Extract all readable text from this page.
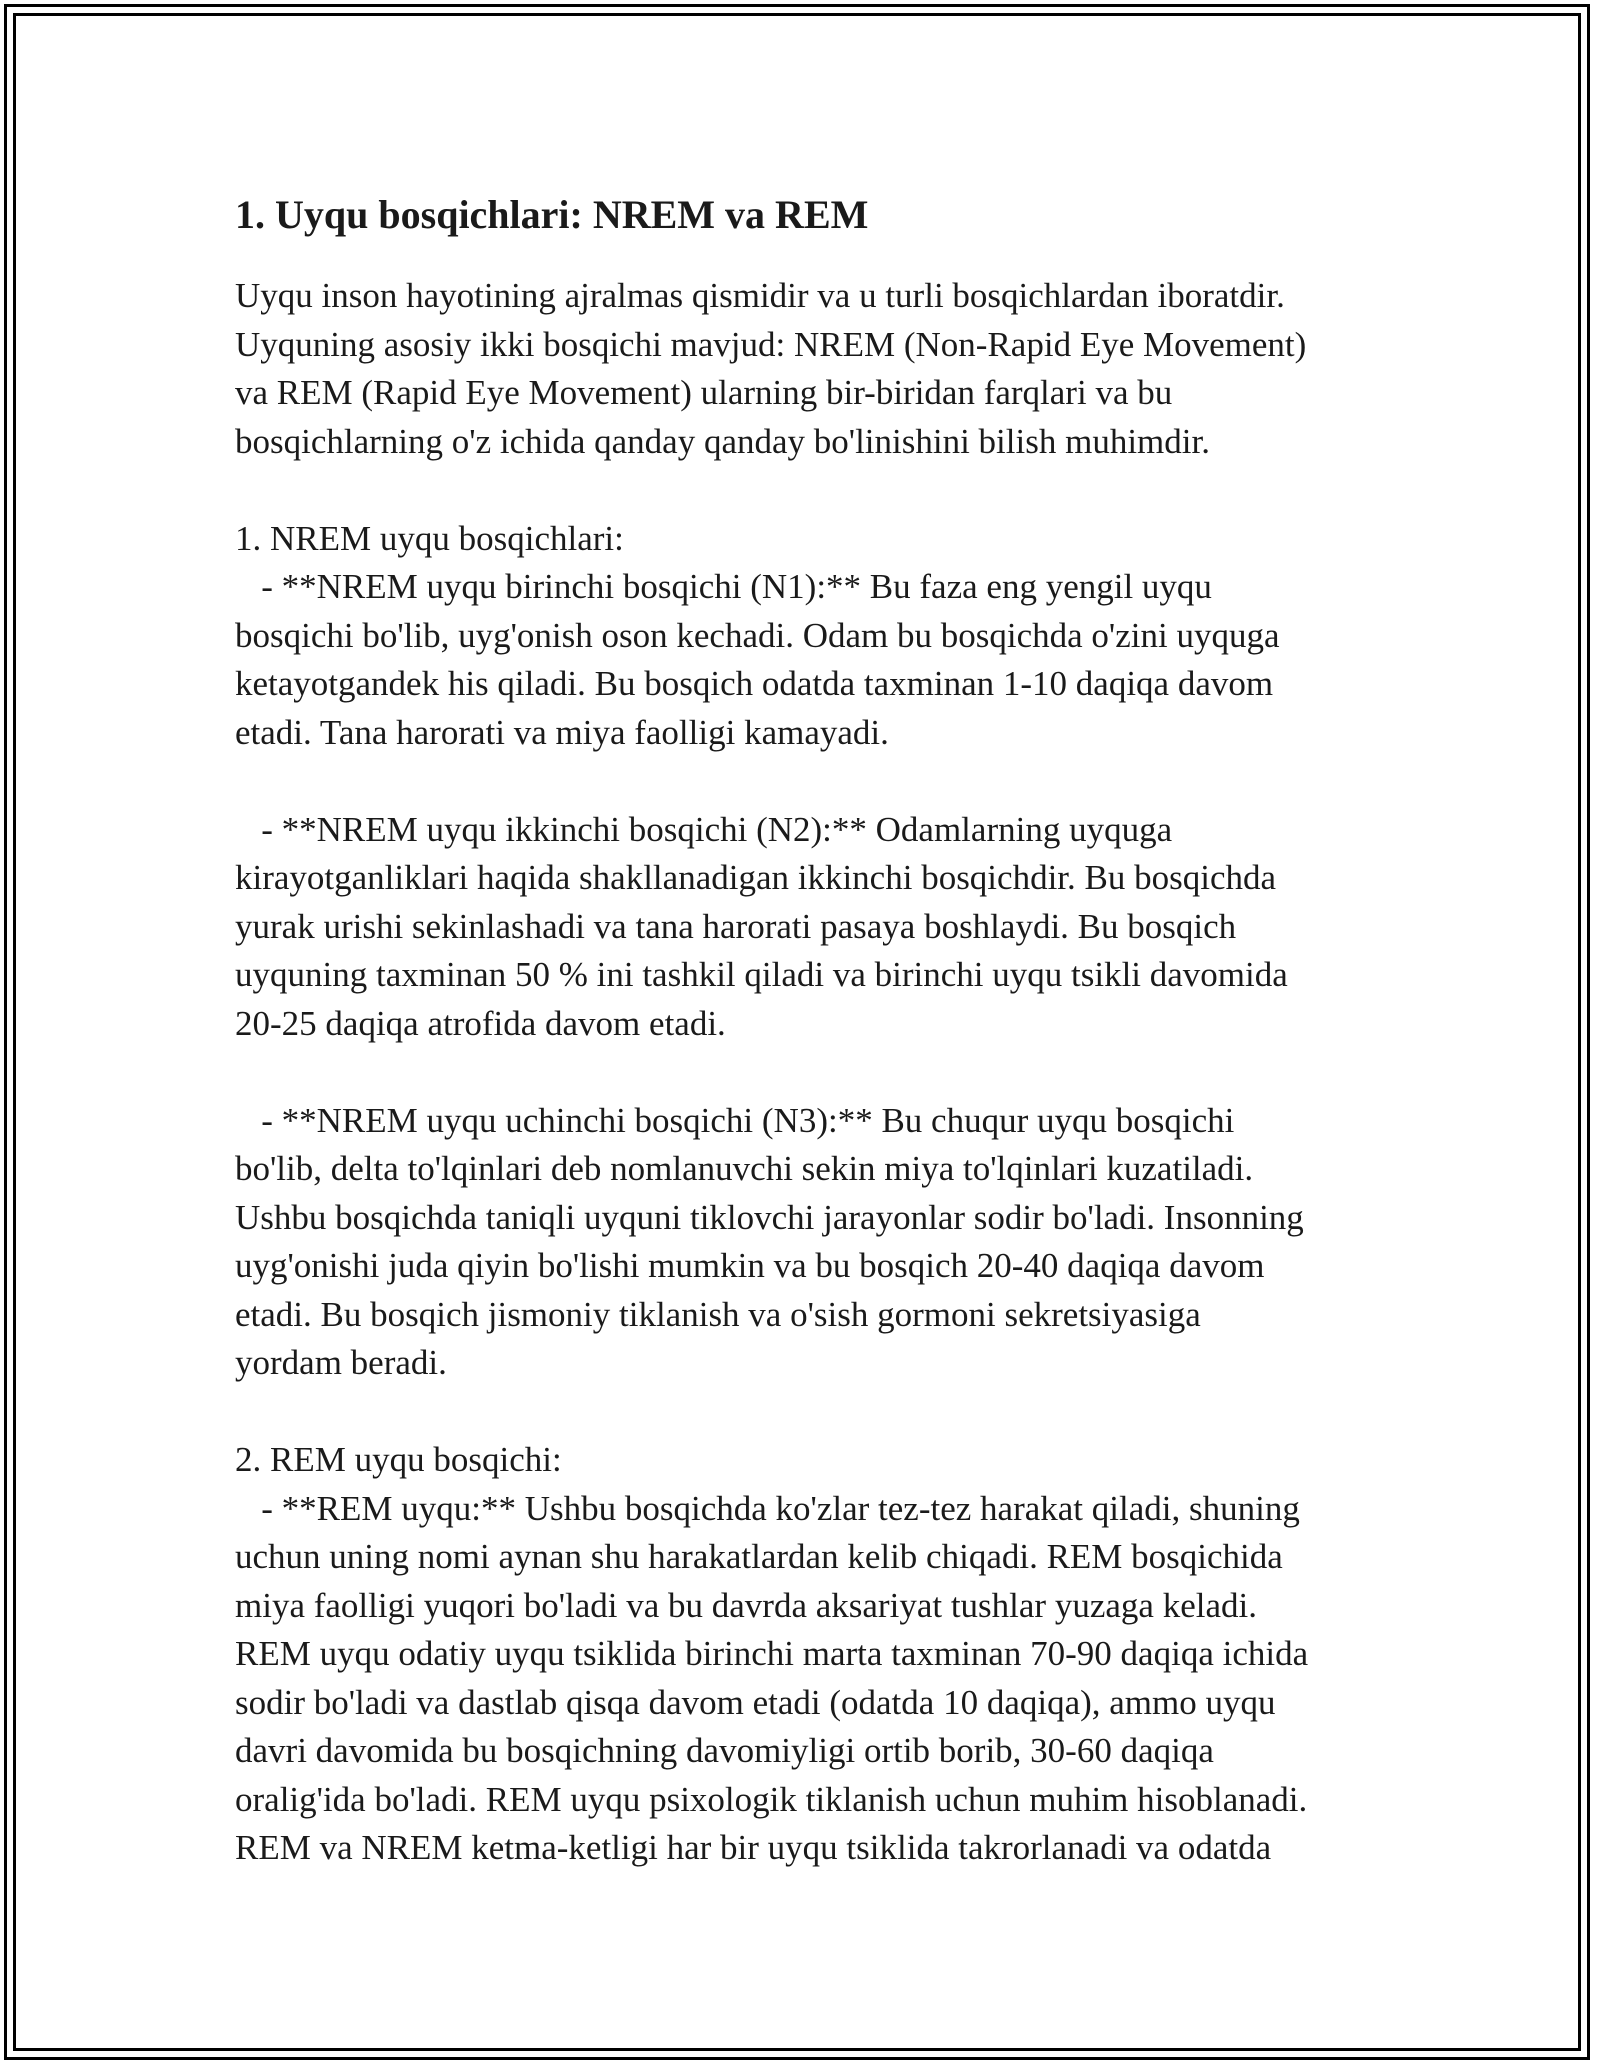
1. Uyqu bosqichlari: NREM va REM
Uyqu inson hayotining ajralmas qismidir va u turli bosqichlardan iboratdir.
Uyquning asosiy ikki bosqichi mavjud: NREM (Non-Rapid Eye Movement)
va REM (Rapid Eye Movement) ularning bir-biridan farqlari va bu
bosqichlarning o'z ichida qanday qanday bo'linishini bilish muhimdir.
1. NREM uyqu bosqichlari:
- **NREM uyqu birinchi bosqichi (N1):** Bu faza eng yengil uyqu
bosqichi bo'lib, uyg'onish oson kechadi. Odam bu bosqichda o'zini uyquga
ketayotgandek his qiladi. Bu bosqich odatda taxminan 1-10 daqiqa davom
etadi. Tana harorati va miya faolligi kamayadi.
- **NREM uyqu ikkinchi bosqichi (N2):** Odamlarning uyquga
kirayotganliklari haqida shakllanadigan ikkinchi bosqichdir. Bu bosqichda
yurak urishi sekinlashadi va tana harorati pasaya boshlaydi. Bu bosqich
uyquning taxminan 50 % ini tashkil qiladi va birinchi uyqu tsikli davomida
20-25 daqiqa atrofida davom etadi.
- **NREM uyqu uchinchi bosqichi (N3):** Bu chuqur uyqu bosqichi
bo'lib, delta to'lqinlari deb nomlanuvchi sekin miya to'lqinlari kuzatiladi.
Ushbu bosqichda taniqli uyquni tiklovchi jarayonlar sodir bo'ladi. Insonning
uyg'onishi juda qiyin bo'lishi mumkin va bu bosqich 20-40 daqiqa davom
etadi. Bu bosqich jismoniy tiklanish va o'sish gormoni sekretsiyasiga
yordam beradi.
2. REM uyqu bosqichi:
- **REM uyqu:** Ushbu bosqichda ko'zlar tez-tez harakat qiladi, shuning
uchun uning nomi aynan shu harakatlardan kelib chiqadi. REM bosqichida
miya faolligi yuqori bo'ladi va bu davrda aksariyat tushlar yuzaga keladi.
REM uyqu odatiy uyqu tsiklida birinchi marta taxminan 70-90 daqiqa ichida
sodir bo'ladi va dastlab qisqa davom etadi (odatda 10 daqiqa), ammo uyqu
davri davomida bu bosqichning davomiyligi ortib borib, 30-60 daqiqa
oralig'ida bo'ladi. REM uyqu psixologik tiklanish uchun muhim hisoblanadi.
REM va NREM ketma-ketligi har bir uyqu tsiklida takrorlanadi va odatda
